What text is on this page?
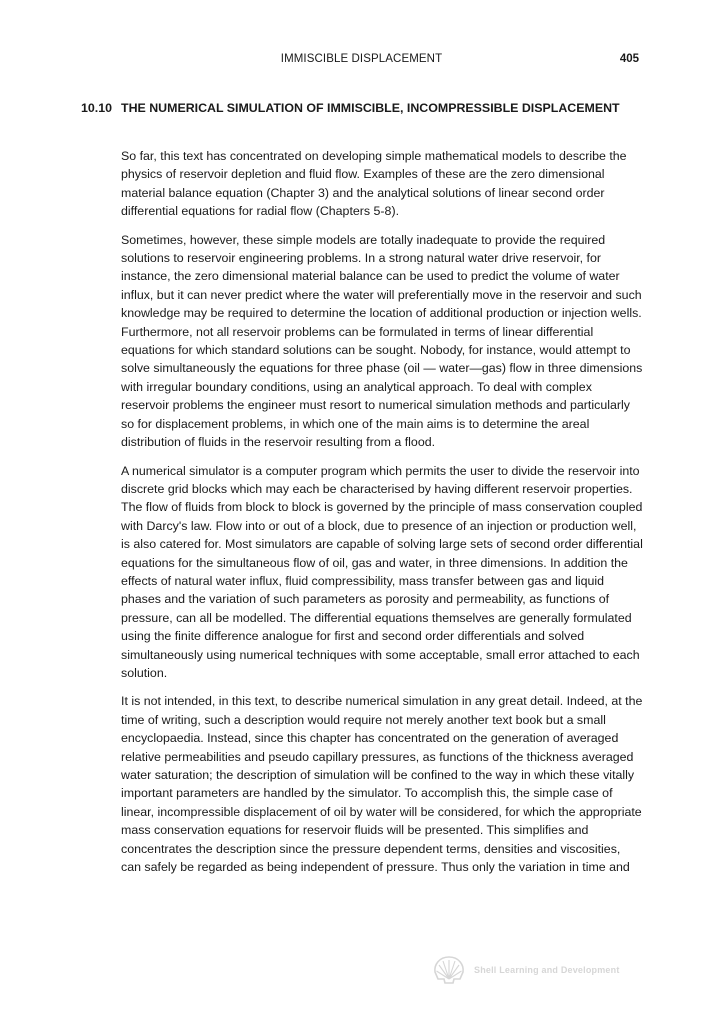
IMMISCIBLE DISPLACEMENT	405
10.10 THE NUMERICAL SIMULATION OF IMMISCIBLE, INCOMPRESSIBLE DISPLACEMENT

So far, this text has concentrated on developing simple mathematical models to describe the physics of reservoir depletion and fluid flow. Examples of these are the zero dimensional material balance equation (Chapter 3) and the analytical solutions of linear second order differential equations for radial flow (Chapters 5-8).

Sometimes, however, these simple models are totally inadequate to provide the required solutions to reservoir engineering problems. In a strong natural water drive reservoir, for instance, the zero dimensional material balance can be used to predict the volume of water influx, but it can never predict where the water will preferentially move in the reservoir and such knowledge may be required to determine the location of additional production or injection wells. Furthermore, not all reservoir problems can be formulated in terms of linear differential equations for which standard solutions can be sought. Nobody, for instance, would attempt to solve simultaneously the equations for three phase (oil — water—gas) flow in three dimensions with irregular boundary conditions, using an analytical approach. To deal with complex reservoir problems the engineer must resort to numerical simulation methods and particularly so for displacement problems, in which one of the main aims is to determine the areal distribution of fluids in the reservoir resulting from a flood.

A numerical simulator is a computer program which permits the user to divide the reservoir into discrete grid blocks which may each be characterised by having different reservoir properties. The flow of fluids from block to block is governed by the principle of mass conservation coupled with Darcy's law. Flow into or out of a block, due to presence of an injection or production well, is also catered for. Most simulators are capable of solving large sets of second order differential equations for the simultaneous flow of oil, gas and water, in three dimensions. In addition the effects of natural water influx, fluid compressibility, mass transfer between gas and liquid phases and the variation of such parameters as porosity and permeability, as functions of pressure, can all be modelled. The differential equations themselves are generally formulated using the finite difference analogue for first and second order differentials and solved simultaneously using numerical techniques with some acceptable, small error attached to each solution.

It is not intended, in this text, to describe numerical simulation in any great detail. Indeed, at the time of writing, such a description would require not merely another text book but a small encyclopaedia. Instead, since this chapter has concentrated on the generation of averaged relative permeabilities and pseudo capillary pressures, as functions of the thickness averaged water saturation; the description of simulation will be confined to the way in which these vitally important parameters are handled by the simulator. To accomplish this, the simple case of linear, incompressible displacement of oil by water will be considered, for which the appropriate mass conservation equations for reservoir fluids will be presented. This simplifies and concentrates the description since the pressure dependent terms, densities and viscosities, can safely be regarded as being independent of pressure. Thus only the variation in time and

Shell Learning and Development
